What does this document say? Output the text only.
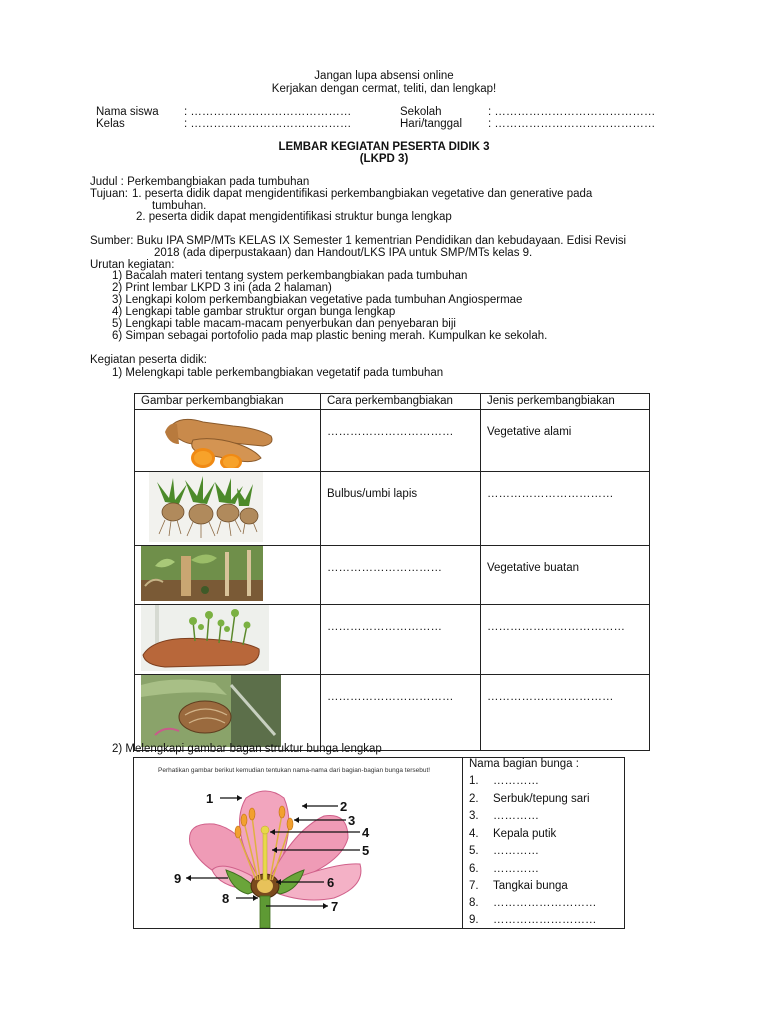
Jangan lupa absensi online
Kerjakan dengan cermat, teliti, dan lengkap!
Nama siswa : ……………………………………
Kelas	: ……………………………………
Sekolah	: ……………………………………
Hari/tanggal : ……………………………………
LEMBAR KEGIATAN PESERTA DIDIK 3
(LKPD 3)
Judul : Perkembangbiakan pada tumbuhan
Tujuan: 1. peserta didik dapat mengidentifikasi perkembangbiakan vegetative dan generative pada
tumbuhan.
2. peserta didik dapat mengidentifikasi struktur bunga lengkap
Sumber: Buku IPA SMP/MTs KELAS IX Semester 1 kementrian Pendidikan dan kebudayaan. Edisi Revisi
2018 (ada diperpustakaan) dan Handout/LKS IPA untuk SMP/MTs kelas 9.
Urutan kegiatan:
1) Bacalah materi tentang system perkembangbiakan pada tumbuhan
2) Print lembar LKPD 3 ini (ada 2 halaman)
3) Lengkapi kolom perkembangbiakan vegetative pada tumbuhan Angiospermae
4) Lengkapi table gambar struktur organ bunga lengkap
5) Lengkapi table macam-macam penyerbukan dan penyebaran biji
6) Simpan sebagai portofolio pada map plastic bening merah. Kumpulkan ke sekolah.
Kegiatan peserta didik:
1) Melengkapi table perkembangbiakan vegetatif pada tumbuhan
Gambar perkembangbiakan	Cara perkembangbiakan	Jenis perkembangbiakan

……………………………	Vegetative alami

Bulbus/umbi lapis	……………………………

…………………………	Vegetative buatan

…………………………	………………………………

……………………………	……………………………
2) Melengkapi gambar bagan struktur bunga lengkap
Perhatikan gambar berikut kemudian tentukan nama-nama dari bagian-bagian bunga tersebut!
1
2
3
4
5
6
7
8
9
Nama bagian bunga :
1. …………
2. Serbuk/tepung sari
3. …………
4. Kepala putik
5. …………
6. …………
7. Tangkai bunga
8. ………………………
9. ………………………
